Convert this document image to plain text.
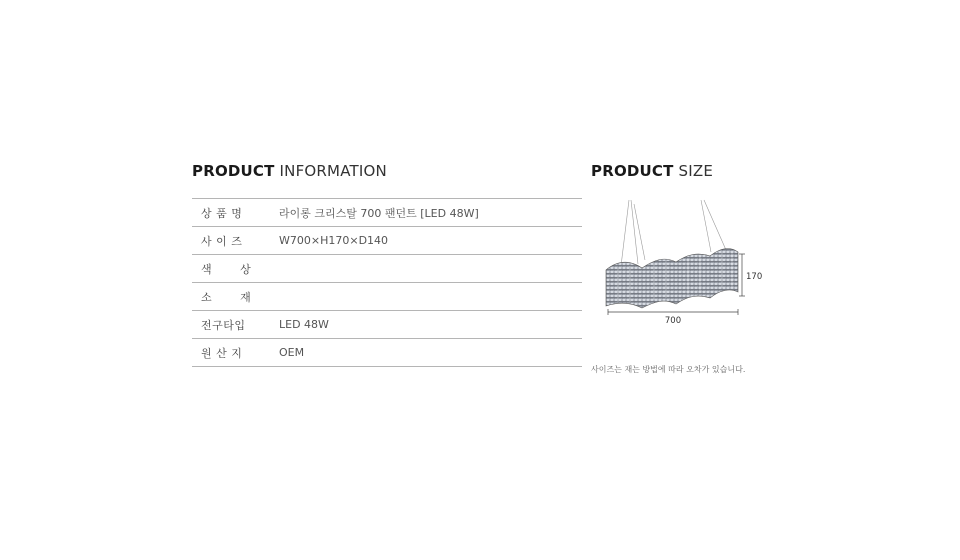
PRODUCT INFORMATION
상 품 명	라이롱 크리스탈 700 팬던트 [LED 48W]
사 이 즈	W700×H170×D140
색       상
소       재
전구타입	LED 48W
원 산 지	OEM
PRODUCT SIZE
170
700
사이즈는 재는 방법에 따라 오차가 있습니다.
